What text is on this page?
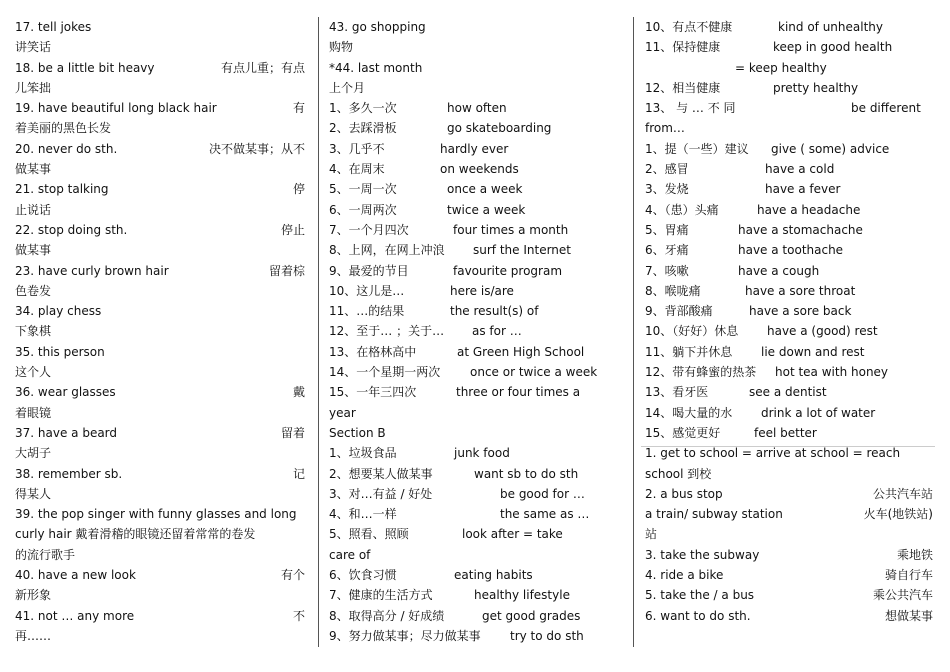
17. tell jokes
讲笑话
18. be a little bit heavy	有点儿重；有点
儿笨拙
19. have beautiful long black hair	有
着美丽的黑色长发
20. never do sth.	决不做某事；从不
做某事
21. stop talking	停
止说话
22. stop doing sth.	停止
做某事
23. have curly brown hair	留着棕
色卷发
34. play chess
下象棋
35. this person
这个人
36. wear glasses	戴
着眼镜
37. have a beard	留着
大胡子
38. remember sb.	记
得某人
39. the pop singer with funny glasses and long
curly hair 戴着滑稽的眼镜还留着常常的卷发
的流行歌手
40. have a new look	有个
新形象
41. not … any more	不
再……
43. go shopping
购物
*44. last month
上个月
1、多久一次	how often
2、去踩滑板	go skateboarding
3、几乎不	hardly ever
4、在周末	on weekends
5、一周一次	once a week
6、一周两次	twice a week
7、一个月四次	four times a month
8、上网，在网上冲浪 surf the Internet
9、最爱的节目	favourite program
10、这儿是…	here is/are
11、…的结果	the result(s) of
12、至于… ；关于… as for …
13、在格林高中	at Green High School
14、一个星期一两次 once or twice a week
15、一年三四次	three or four times a
year
Section B
1、垃圾食品	junk food
2、想要某人做某事	want sb to do sth
3、对…有益 / 好处	be good for …
4、和…一样	the same as …
5、照看、照顾	look after = take
care of
6、饮食习惯	eating habits
7、健康的生活方式	healthy lifestyle
8、取得高分 / 好成绩	get good grades
9、努力做某事；尽力做某事 try to do sth
10、有点不健康	kind of unhealthy
11、保持健康	keep in good health
= keep healthy
12、相当健康	pretty healthy
13、 与 … 不 同	be different
from…
1、提（一些）建议 give ( some) advice
2、感冒	have a cold
3、发烧	have a fever
4、（患）头痛	have a headache
5、胃痛	have a stomachache
6、牙痛	have a toothache
7、咳嗽	have a cough
8、喉咙痛	have a sore throat
9、背部酸痛	have a sore back
10、（好好）休息 have a (good) rest
11、躺下并休息 lie down and rest
12、带有蜂蜜的热茶 hot tea with honey
13、看牙医	see a dentist
14、喝大量的水 drink a lot of water
15、感觉更好	feel better
1. get to school = arrive at school = reach
school 到校
2. a bus stop	公共汽车站
a train/ subway station	火车(地铁站)
站
3. take the subway	乘地铁
4. ride a bike	骑自行车
5. take the / a bus	乘公共汽车
6. want to do sth.	想做某事
